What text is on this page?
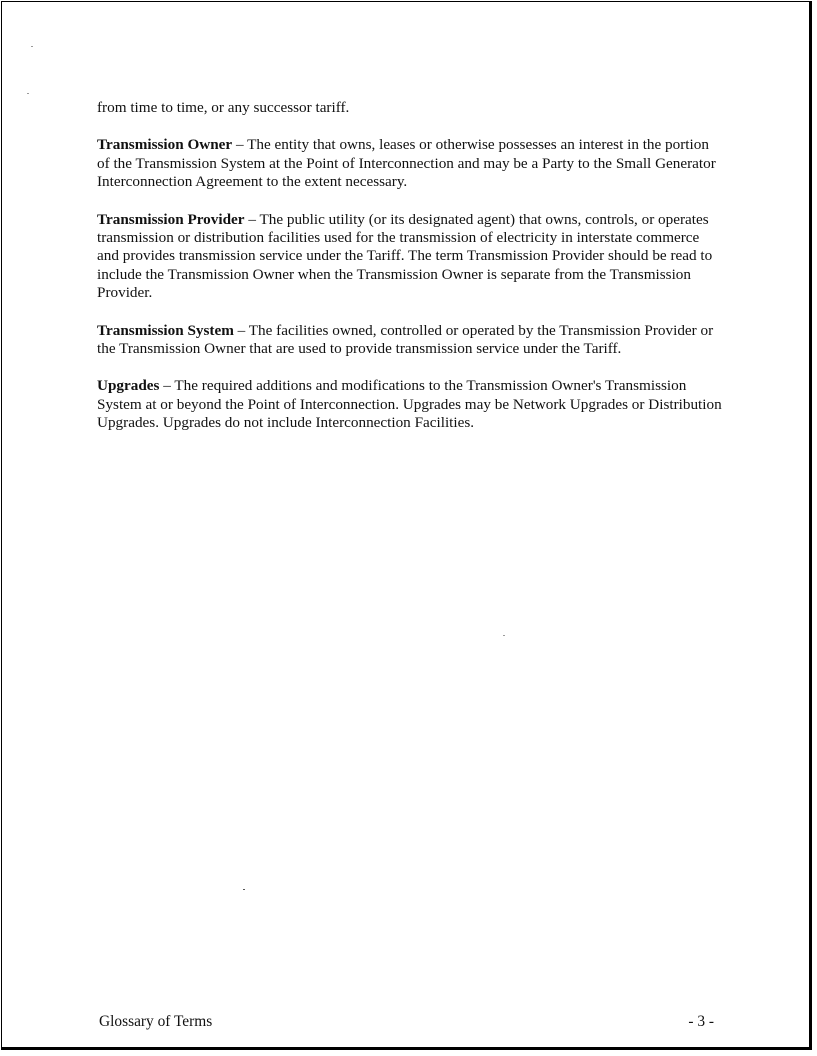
from time to time, or any successor tariff.

Transmission Owner – The entity that owns, leases or otherwise possesses an interest in the portion of the Transmission System at the Point of Interconnection and may be a Party to the Small Generator Interconnection Agreement to the extent necessary.

Transmission Provider – The public utility (or its designated agent) that owns, controls, or operates transmission or distribution facilities used for the transmission of electricity in interstate commerce and provides transmission service under the Tariff. The term Transmission Provider should be read to include the Transmission Owner when the Transmission Owner is separate from the Transmission Provider.

Transmission System – The facilities owned, controlled or operated by the Transmission Provider or the Transmission Owner that are used to provide transmission service under the Tariff.

Upgrades – The required additions and modifications to the Transmission Owner's Transmission System at or beyond the Point of Interconnection. Upgrades may be Network Upgrades or Distribution Upgrades. Upgrades do not include Interconnection Facilities.

Glossary of Terms	- 3 -
